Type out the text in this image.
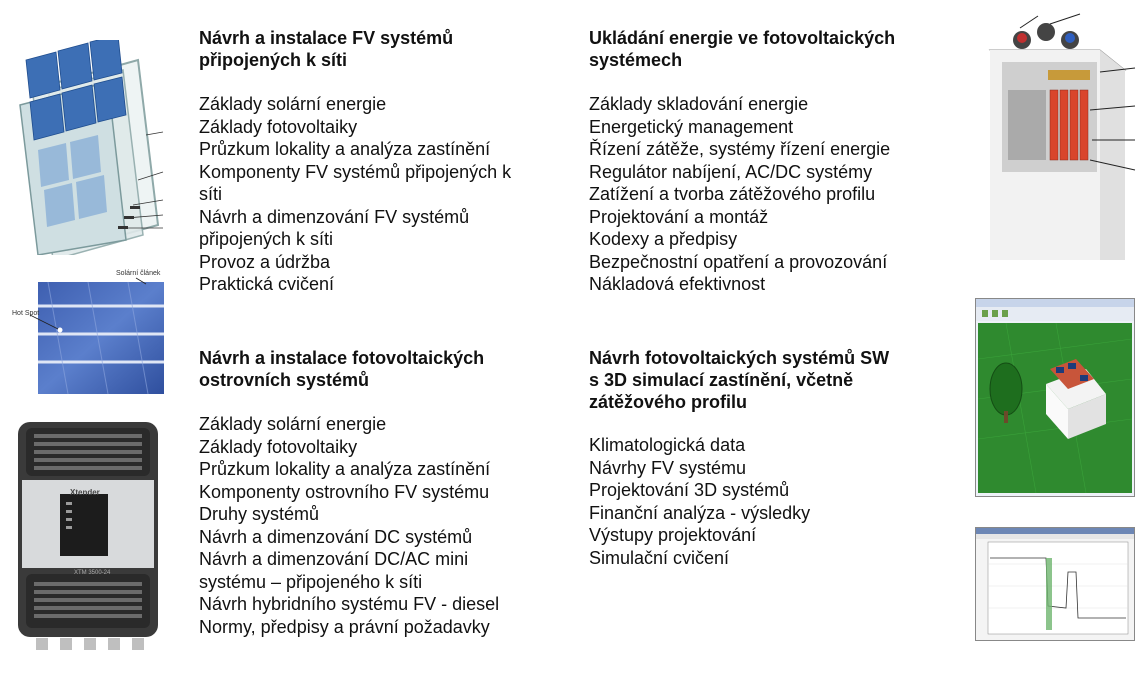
Solární článek
Hot Spot
Xtender
XTM 3500-24
Návrh a instalace FV systémů
připojených k síti
Základy solární energie
Základy fotovoltaiky
Průzkum lokality a analýza zastínění
Komponenty FV systémů připojených k
síti
Návrh a dimenzování FV systémů
připojených k síti
Provoz a údržba
Praktická cvičení
Ukládání energie ve fotovoltaických
systémech
Základy skladování energie
Energetický management
Řízení zátěže, systémy řízení energie
Regulátor nabíjení, AC/DC systémy
Zatížení a tvorba zátěžového profilu
Projektování a montáž
Kodexy a předpisy
Bezpečnostní opatření a provozování
Nákladová efektivnost
Návrh a instalace fotovoltaických
ostrovních systémů
Základy solární energie
Základy fotovoltaiky
Průzkum lokality a analýza zastínění
Komponenty ostrovního FV systému
Druhy systémů
Návrh a dimenzování DC systémů
Návrh a dimenzování DC/AC mini
systému – připojeného k síti
Návrh hybridního systému FV - diesel
Normy, předpisy a právní požadavky
Návrh fotovoltaických systémů SW
s 3D simulací zastínění, včetně
zátěžového profilu
Klimatologická data
Návrhy FV systému
Projektování 3D systémů
Finanční analýza - výsledky
Výstupy projektování
Simulační cvičení
